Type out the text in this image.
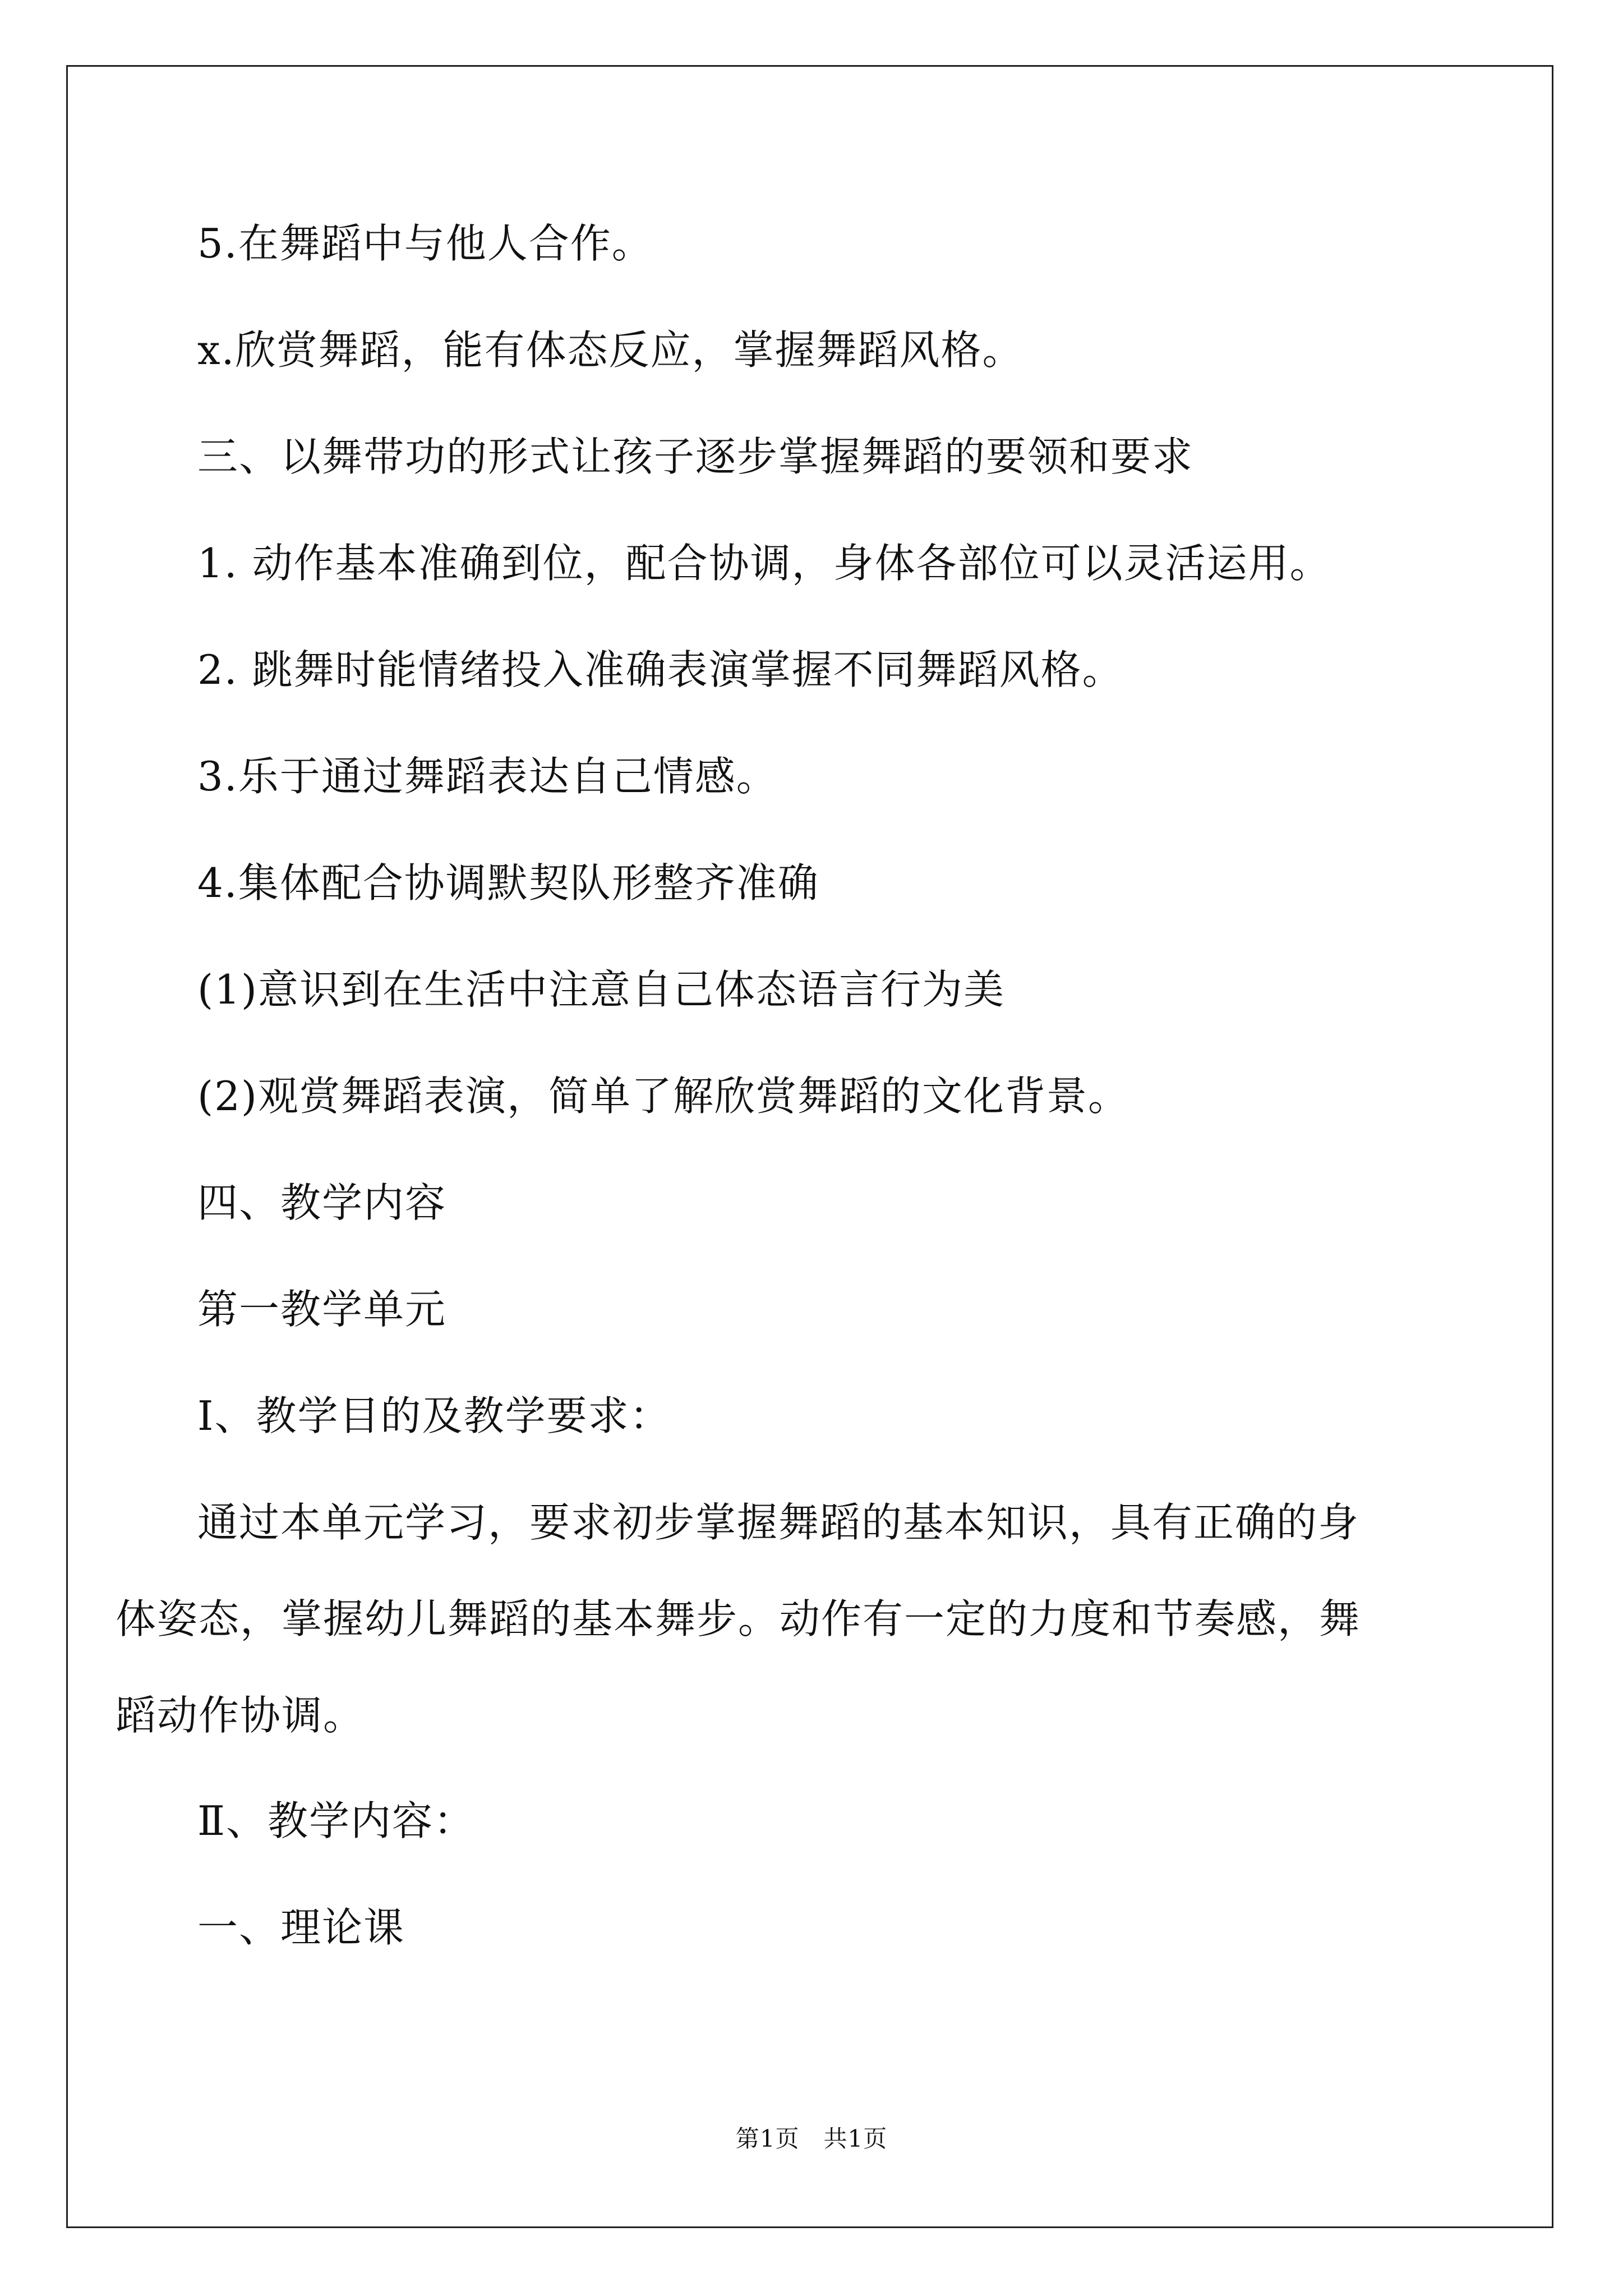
5.在舞蹈中与他人合作。

x.欣赏舞蹈，能有体态反应，掌握舞蹈风格。

三、以舞带功的形式让孩子逐步掌握舞蹈的要领和要求

1. 动作基本准确到位，配合协调，身体各部位可以灵活运用。

2. 跳舞时能情绪投入准确表演掌握不同舞蹈风格。

3.乐于通过舞蹈表达自己情感。

4.集体配合协调默契队形整齐准确

(1)意识到在生活中注意自己体态语言行为美

(2)观赏舞蹈表演，简单了解欣赏舞蹈的文化背景。

四、教学内容

第一教学单元

Ⅰ、教学目的及教学要求：

通过本单元学习，要求初步掌握舞蹈的基本知识，具有正确的身体姿态，掌握幼儿舞蹈的基本舞步。动作有一定的力度和节奏感，舞蹈动作协调。

Ⅱ、教学内容：

一、理论课

第1页　共1页
